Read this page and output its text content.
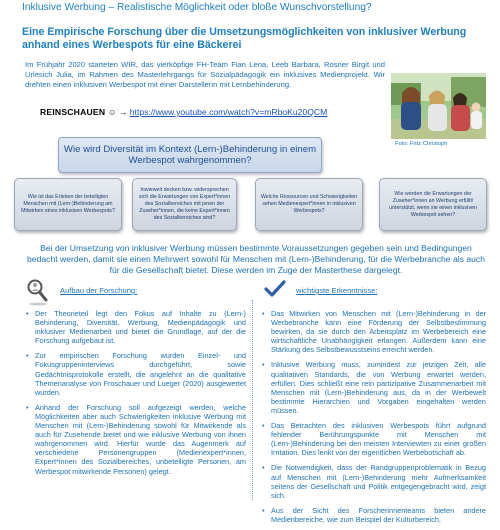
Inklusive Werbung – Realistische Möglichkeit oder bloße Wunschvorstellung?
Eine Empirische Forschung über die Umsetzungsmöglichkeiten von inklusiver Werbung anhand eines Werbespots für eine Bäckerei
Im Frühjahr 2020 starteten WIR, das vierköpfige FH-Team Fian Lena, Leeb Barbara, Rosner Birgit und Urlesich Julia, im Rahmen des Masterlehrgangs für Sozialpädagogik ein inklusives Medienprojekt. Wir drehten einen inklusiven Werbespot mit einer Darstellerin mit Lernbehinderung.
REINSCHAUEN ☺ → https://www.youtube.com/watch?v=mRboKu20QCM
Foto: Fritz Christoph
Wie wird Diversität im Kontext (Lern-)Behinderung in einem Werbespot wahrgenommen?
Wie ist das Erleben der beteiligten Menschen mit (Lern-)Behinderung am Mitwirken eines inklusiven Werbespots?
Inwieweit decken bzw. widersprechen sich die Erwartungen von Expert*innen des Sozialbereiches mit jenen der Zuseher*innen, die keine Expert*innen des Sozialbereiches sind?
Welche Ressourcen und Schwierigkeiten sehen Medienexpert*innen in inklusiven Werbespots?
Wie werden die Erwartungen der Zuseher*innen an Werbung erfüllt/ unterstützt, wenn sie einen inklusiven Werbespot sehen?
Bei der Umsetzung von inklusiver Werbung müssen bestimmte Voraussetzungen gegeben sein und Bedingungen bedacht werden, damit sie einen Mehrwert sowohl für Menschen mit (Lern-)Behinderung, für die Werbebranche als auch für die Gesellschaft bietet. Diese werden im Zuge der Masterthese dargelegt.
Aufbau der Forschung:
• Der Theorieteil legt den Fokus auf Inhalte zu (Lern-) Behinderung, Diversität, Werbung, Medienpädagogik und inklusiver Medienarbeit und bietet die Grundlage, auf der die Forschung aufgebaut ist.
• Zur empirischen Forschung wurden Einzel- und Fokusgruppeninterviews durchgeführt, sowie Gedächtnisprotokolle erstellt, die angelehnt an die qualitative Themenanalyse von Froschauer und Lueger (2020) ausgewertet wurden.
• Anhand der Forschung soll aufgezeigt werden, welche Möglichkeiten aber auch Schwierigkeiten inklusive Werbung mit Menschen mit (Lern-)Behinderung sowohl für Mitwirkende als auch für Zusehende bietet und wie inklusive Werbung von ihnen wahrgenommen wird. Hierfür wurde das Augenmerk auf verschiedene Personengruppen (Medienexpert*innen, Expert*innen des Sozialbereiches, unbeteiligte Personen, am Werbespot mitwirkende Personen) gelegt.
wichtigste Erkenntnisse:
• Das Mitwirken von Menschen mit (Lern-)Behinderung in der Werbebranche kann eine Förderung der Selbstbestimmung bewirken, da sie durch den Arbeitsplatz im Werbebereich eine wirtschaftliche Unabhängigkeit erlangen. Außerdem kann eine Stärkung des Selbstbewusstseins erreicht werden.
• Inklusive Werbung muss, zumindest zur jetzigen Zeit, alle qualitativen Standards, die von Werbung erwartet werden, erfüllen. Dies schließt eine rein partizipative Zusammenarbeit mit Menschen mit (Lern-)Behinderung aus, da in der Werbewelt bestimmte Hierarchien und Vorgaben eingehalten werden müssen.
• Das Betrachten des inklusiven Werbespots führt aufgrund fehlender Berührungspunkte mit Menschen mit (Lern-)Behinderung bei den meisten Interviewten zu einer großen Irritation. Dies lenkt von der eigentlichen Werbebotschaft ab.
• Die Notwendigkeit, dass der Randgruppenproblematik in Bezug auf Menschen mit (Lern-)Behinderung mehr Aufmerksamkeit seitens der Gesellschaft und Politik entgegengebracht wird, zeigt sich.
• Aus der Sicht des Forscherinnenteams bieten andere Medienbereiche, wie zum Beispiel der Kulturbereich,
